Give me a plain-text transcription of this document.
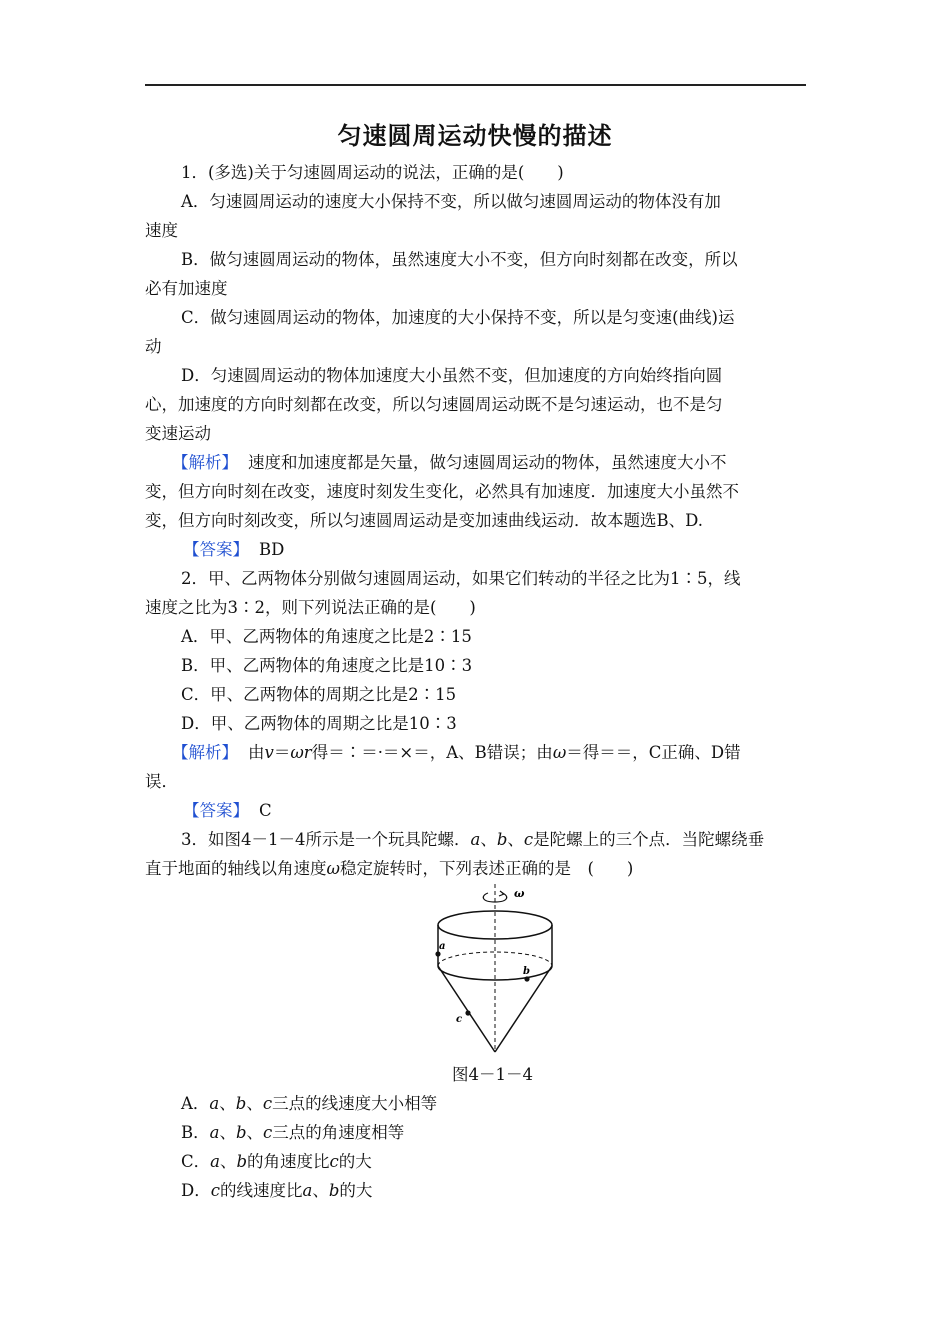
匀速圆周运动快慢的描述
1．(多选)关于匀速圆周运动的说法，正确的是(　　)
A．匀速圆周运动的速度大小保持不变，所以做匀速圆周运动的物体没有加
速度
B．做匀速圆周运动的物体，虽然速度大小不变，但方向时刻都在改变，所以
必有加速度
C．做匀速圆周运动的物体，加速度的大小保持不变，所以是匀变速(曲线)运
动
D．匀速圆周运动的物体加速度大小虽然不变，但加速度的方向始终指向圆
心，加速度的方向时刻都在改变，所以匀速圆周运动既不是匀速运动，也不是匀
变速运动
【解析】 速度和加速度都是矢量，做匀速圆周运动的物体，虽然速度大小不
变，但方向时刻在改变，速度时刻发生变化，必然具有加速度．加速度大小虽然不
变，但方向时刻改变，所以匀速圆周运动是变加速曲线运动．故本题选B、D.
【答案】 BD
2．甲、乙两物体分别做匀速圆周运动，如果它们转动的半径之比为1∶5，线
速度之比为3∶2，则下列说法正确的是(　　)
A．甲、乙两物体的角速度之比是2∶15
B．甲、乙两物体的角速度之比是10∶3
C．甲、乙两物体的周期之比是2∶15
D．甲、乙两物体的周期之比是10∶3
【解析】 由v＝ωr得＝∶＝·＝×＝，A、B错误；由ω＝得＝＝，C正确、D错
误．
【答案】 C
3．如图4－1－4所示是一个玩具陀螺．a、b、c是陀螺上的三个点．当陀螺绕垂
直于地面的轴线以角速度ω稳定旋转时，下列表述正确的是　(　　)
ω
a
b
c
图4－1－4
A．a、b、c三点的线速度大小相等
B．a、b、c三点的角速度相等
C．a、b的角速度比c的大
D．c的线速度比a、b的大
